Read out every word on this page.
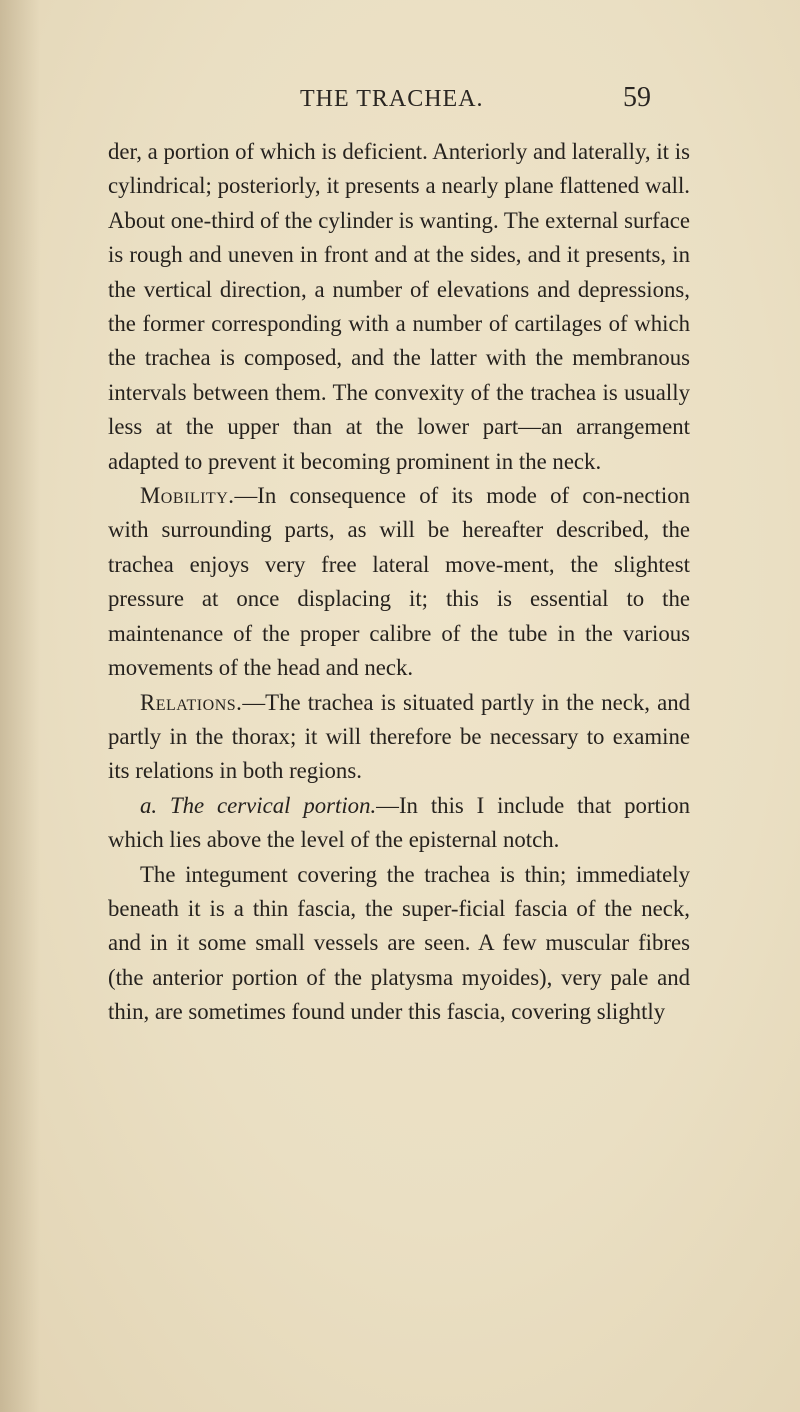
THE TRACHEA.	59

der, a portion of which is deficient. Anteriorly and laterally, it is cylindrical; posteriorly, it presents a nearly plane flattened wall. About one-third of the cylinder is wanting. The external surface is rough and uneven in front and at the sides, and it presents, in the vertical direction, a number of elevations and depressions, the former corresponding with a number of cartilages of which the trachea is composed, and the latter with the membranous intervals between them. The convexity of the trachea is usually less at the upper than at the lower part—an arrangement adapted to prevent it becoming prominent in the neck.

Mobility.—In consequence of its mode of con-nection with surrounding parts, as will be hereafter described, the trachea enjoys very free lateral move-ment, the slightest pressure at once displacing it; this is essential to the maintenance of the proper calibre of the tube in the various movements of the head and neck.

Relations.—The trachea is situated partly in the neck, and partly in the thorax; it will therefore be necessary to examine its relations in both regions.

a. The cervical portion.—In this I include that portion which lies above the level of the episternal notch.

The integument covering the trachea is thin; immediately beneath it is a thin fascia, the super-ficial fascia of the neck, and in it some small vessels are seen. A few muscular fibres (the anterior portion of the platysma myoides), very pale and thin, are sometimes found under this fascia, covering slightly
